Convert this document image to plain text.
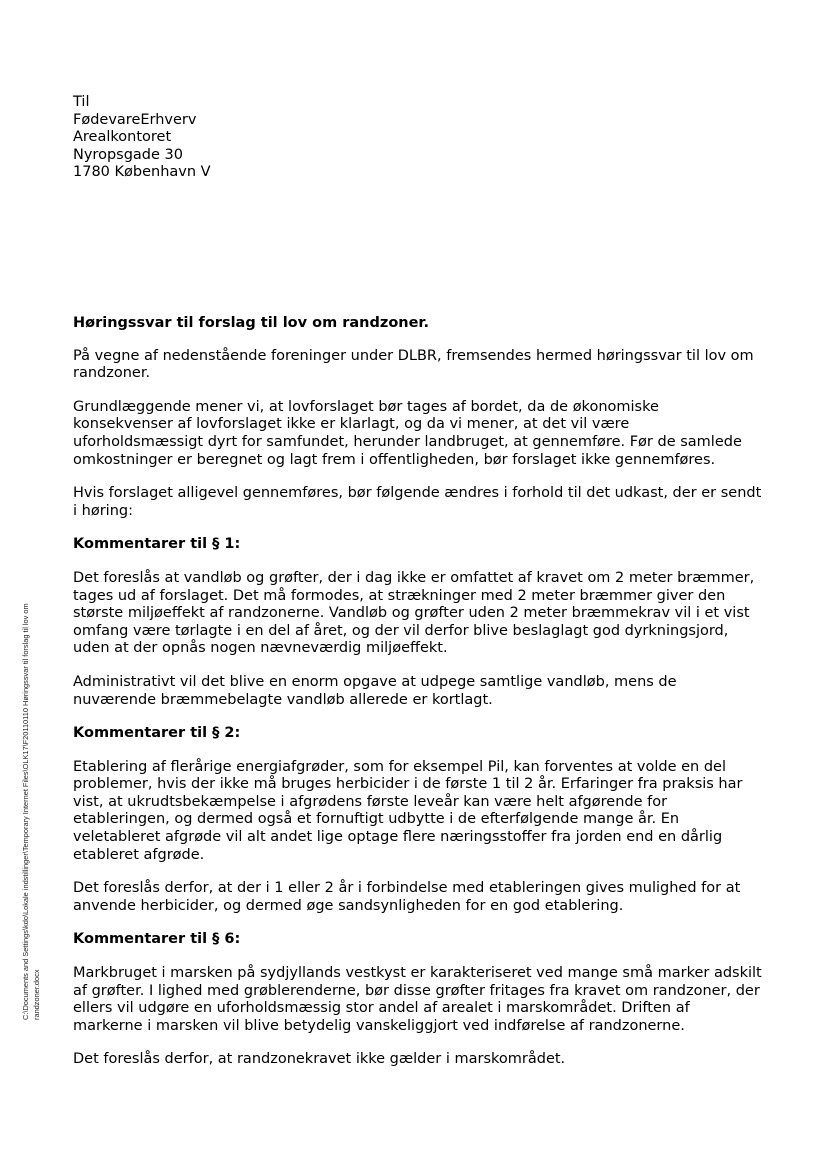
Til
FødevareErhverv
Arealkontoret
Nyropsgade 30
1780 København V
Høringssvar til forslag til lov om randzoner.
På vegne af nedenstående foreninger under DLBR, fremsendes hermed høringssvar til lov om randzoner.
Grundlæggende mener vi, at lovforslaget bør tages af bordet, da de økonomiske konsekvenser af lovforslaget ikke er klarlagt, og da vi mener, at det vil være uforholdsmæssigt dyrt for samfundet, herunder landbruget, at gennemføre. Før de samlede omkostninger er beregnet og lagt frem i offentligheden, bør forslaget ikke gennemføres.
Hvis forslaget alligevel gennemføres, bør følgende ændres i forhold til det udkast, der er sendt i høring:
Kommentarer til § 1:
Det foreslås at vandløb og grøfter, der i dag ikke er omfattet af kravet om 2 meter bræmmer, tages ud af forslaget. Det må formodes, at strækninger med 2 meter bræmmer giver den største miljøeffekt af randzonerne. Vandløb og grøfter uden 2 meter bræmmekrav vil i et vist omfang være tørlagte i en del af året, og der vil derfor blive beslaglagt god dyrkningsjord, uden at der opnås nogen nævneværdig miljøeffekt.
Administrativt vil det blive en enorm opgave at udpege samtlige vandløb, mens de nuværende bræmmebelagte vandløb allerede er kortlagt.
Kommentarer til § 2:
Etablering af flerårige energiafgrøder, som for eksempel Pil, kan forventes at volde en del problemer, hvis der ikke må bruges herbicider i de første 1 til 2 år. Erfaringer fra praksis har vist, at ukrudtsbekæmpelse i afgrødens første leveår kan være helt afgørende for etableringen, og dermed også et fornuftigt udbytte i de efterfølgende mange år. En veletableret afgrøde vil alt andet lige optage flere næringsstoffer fra jorden end en dårlig etableret afgrøde.
Det foreslås derfor, at der i 1 eller 2 år i forbindelse med etableringen gives mulighed for at anvende herbicider, og dermed øge sandsynligheden for en god etablering.
Kommentarer til § 6:
Markbruget i marsken på sydjyllands vestkyst er karakteriseret ved mange små marker adskilt af grøfter. I lighed med grøblerenderne, bør disse grøfter fritages fra kravet om randzoner, der ellers vil udgøre en uforholdsmæssig stor andel af arealet i marskområdet. Driften af markerne i marsken vil blive betydelig vanskeliggjort ved indførelse af randzonerne.
Det foreslås derfor, at randzonekravet ikke gælder i marskområdet.
C:\Documents and Settings\kdo\Lokale indstillinger\Temporary Internet Files\OLK17\F20110110 Høringssvar til forslag til lov om randzoner.docx
